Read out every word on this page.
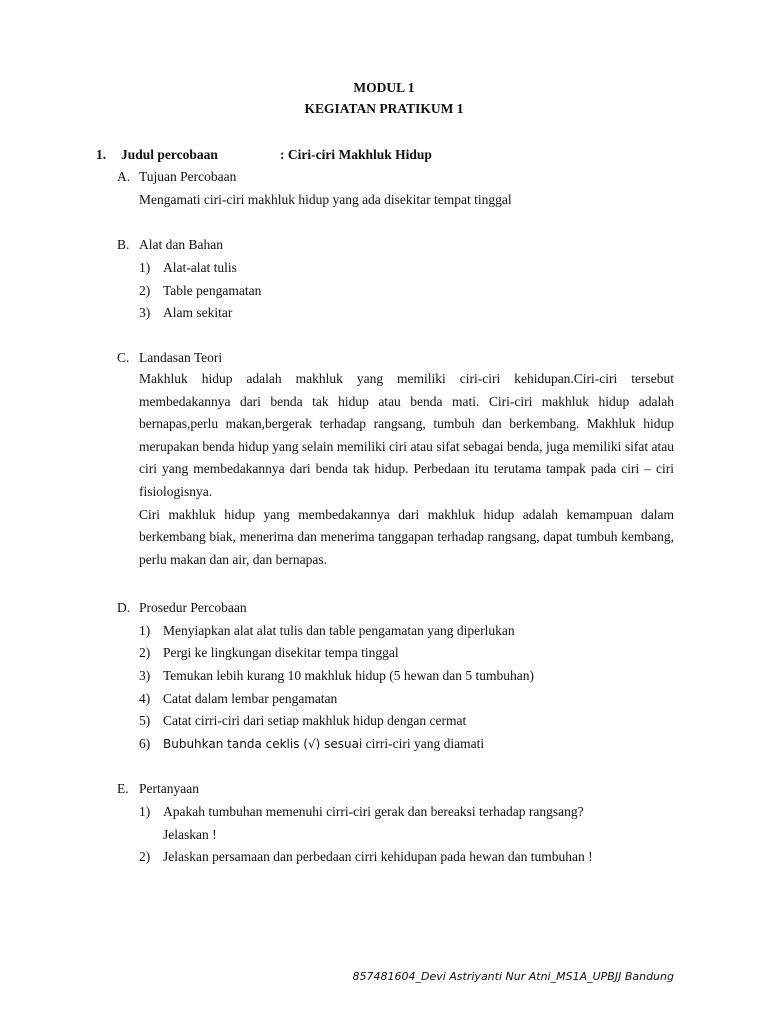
MODUL 1
KEGIATAN PRATIKUM 1
1. Judul percobaan	: Ciri-ciri Makhluk Hidup
A. Tujuan Percobaan
Mengamati ciri-ciri makhluk hidup yang ada disekitar tempat tinggal
B. Alat dan Bahan
1) Alat-alat tulis
2) Table pengamatan
3) Alam sekitar
C. Landasan Teori

Makhluk hidup adalah makhluk yang memiliki ciri-ciri kehidupan.Ciri-ciri tersebut membedakannya dari benda tak hidup atau benda mati. Ciri-ciri makhluk hidup adalah bernapas,perlu makan,bergerak terhadap rangsang, tumbuh dan berkembang. Makhluk hidup merupakan benda hidup yang selain memiliki ciri atau sifat sebagai benda, juga memiliki sifat atau ciri yang membedakannya dari benda tak hidup. Perbedaan itu terutama tampak pada ciri – ciri fisiologisnya.

Ciri makhluk hidup yang membedakannya dari makhluk hidup adalah kemampuan dalam berkembang biak, menerima dan menerima tanggapan terhadap rangsang, dapat tumbuh kembang, perlu makan dan air, dan bernapas.

D. Prosedur Percobaan
1) Menyiapkan alat alat tulis dan table pengamatan yang diperlukan
2) Pergi ke lingkungan disekitar tempa tinggal
3) Temukan lebih kurang 10 makhluk hidup (5 hewan dan 5 tumbuhan)
4) Catat dalam lembar pengamatan
5) Catat cirri-ciri dari setiap makhluk hidup dengan cermat
6) Bubuhkan tanda ceklis (√) sesuai cirri-ciri yang diamati
E. Pertanyaan
1) Apakah tumbuhan memenuhi cirri-ciri gerak dan bereaksi terhadap rangsang?
Jelaskan !
2) Jelaskan persamaan dan perbedaan cirri kehidupan pada hewan dan tumbuhan !
857481604_Devi Astriyanti Nur Atni_MS1A_UPBJJ Bandung
